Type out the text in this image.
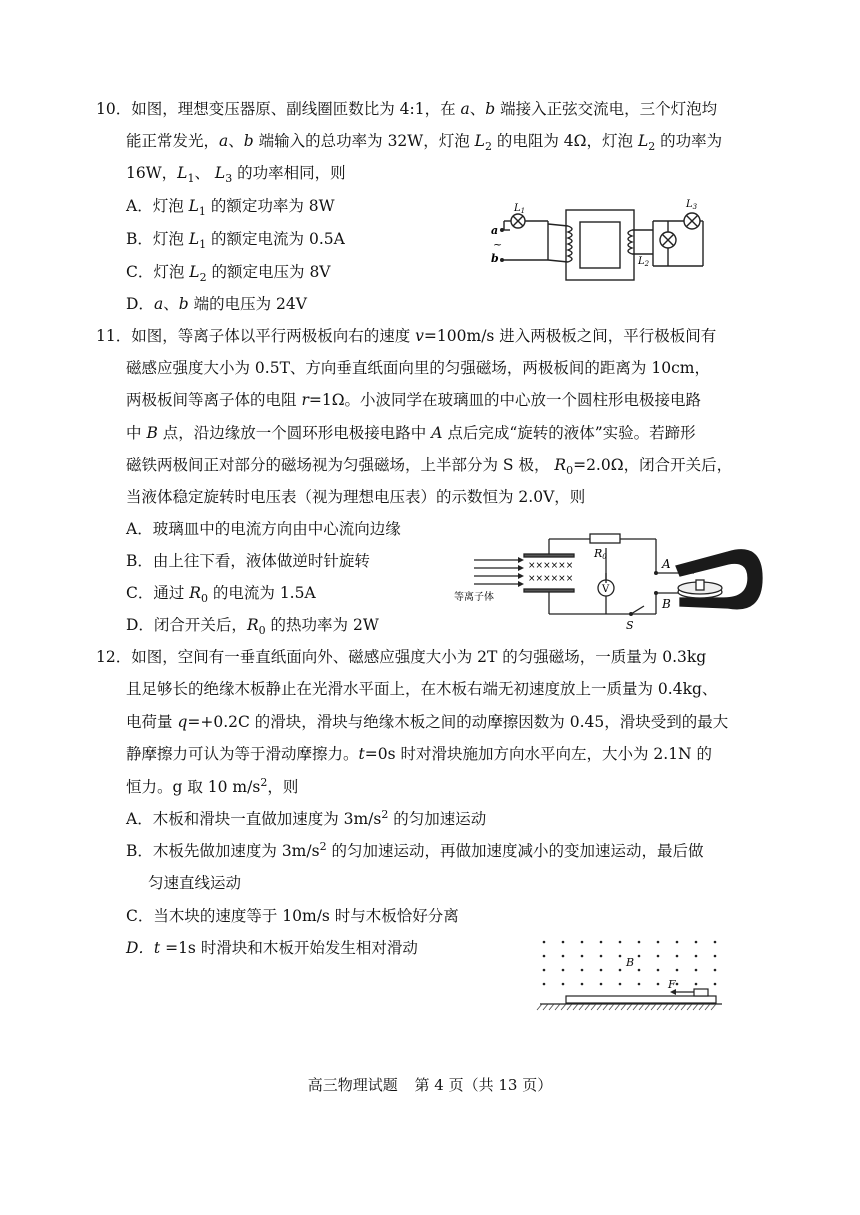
10．如图，理想变压器原、副线圈匝数比为 4:1，在 a、b 端接入正弦交流电，三个灯泡均
能正常发光，a、b 端输入的总功率为 32W，灯泡 $L_2$ 的电阻为 4Ω，灯泡 $L_2$ 的功率为
16W，$L_1$、 $L_3$ 的功率相同，则
A．灯泡 $L_1$ 的额定功率为 8W
B．灯泡 $L_1$ 的额定电流为 0.5A
C．灯泡 $L_2$ 的额定电压为 8V
D．a、b 端的电压为 24V
$L_1$
$L_3$
$L_2$
a
~
b
11．如图，等离子体以平行两极板向右的速度 v=100m/s 进入两极板之间，平行极板间有
磁感应强度大小为 0.5T、方向垂直纸面向里的匀强磁场，两极板间的距离为 10cm，
两极板间等离子体的电阻 r=1Ω。小波同学在玻璃皿的中心放一个圆柱形电极接电路
中 B 点，沿边缘放一个圆环形电极接电路中 A 点后完成“旋转的液体”实验。若蹄形
磁铁两极间正对部分的磁场视为匀强磁场，上半部分为 S 极， $R_0=2.0\Omega$，闭合开关后，
当液体稳定旋转时电压表（视为理想电压表）的示数恒为 2.0V，则
A．玻璃皿中的电流方向由中心流向边缘
B．由上往下看，液体做逆时针旋转
C．通过 $R_0$ 的电流为 1.5A
D．闭合开关后，$R_0$ 的热功率为 2W
××××××
××××××
等离子体
R0
V
A
B
S
12．如图，空间有一垂直纸面向外、磁感应强度大小为 2T 的匀强磁场，一质量为 0.3kg
且足够长的绝缘木板静止在光滑水平面上，在木板右端无初速度放上一质量为 0.4kg、
电荷量 q=+0.2C 的滑块，滑块与绝缘木板之间的动摩擦因数为 0.45，滑块受到的最大
静摩擦力可认为等于滑动摩擦力。t=0s 时对滑块施加方向水平向左，大小为 2.1N 的
恒力。g 取 10 $m/s^2$，则
A．木板和滑块一直做加速度为 $3m/s^2$ 的匀加速运动
B．木板先做加速度为 $3m/s^2$ 的匀加速运动，再做加速度减小的变加速运动，最后做
匀速直线运动
C．当木块的速度等于 10m/s 时与木板恰好分离
D．t =1s 时滑块和木板开始发生相对滑动
B
F
高三物理试题 第 4 页（共 13 页）
